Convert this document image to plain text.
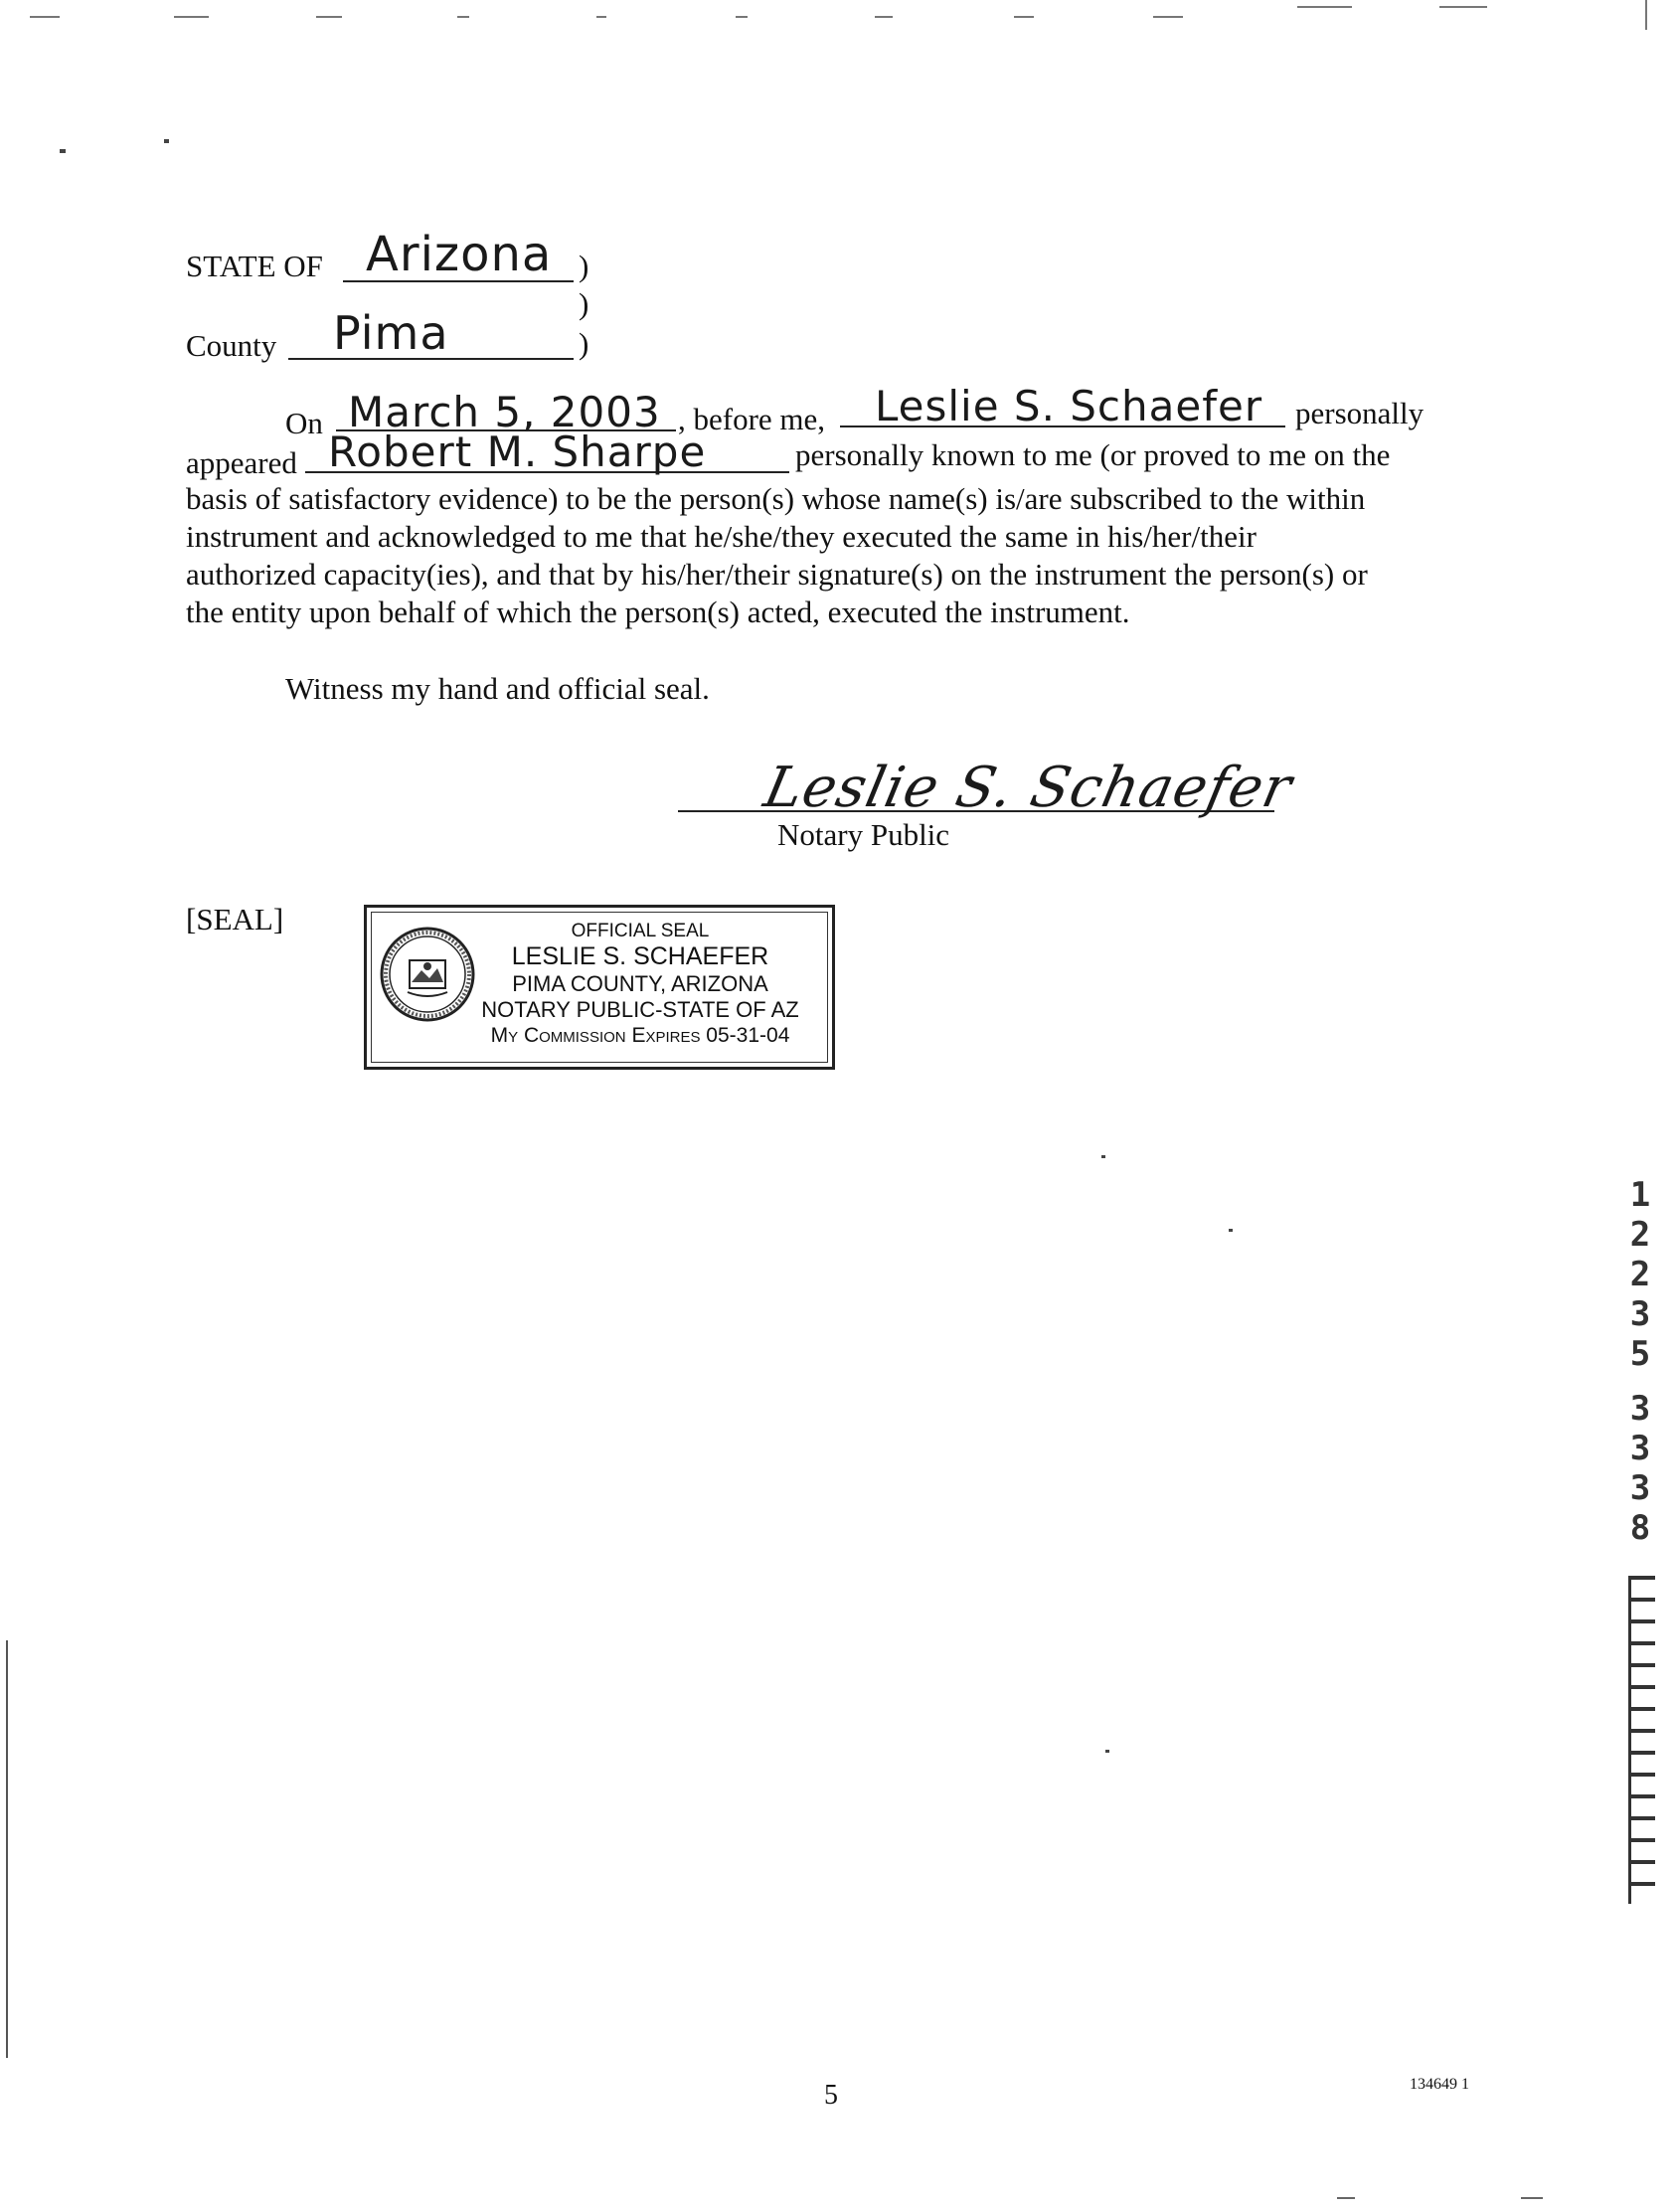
STATE OF Arizona )
)
County Pima	)
On March 5, 2003 , before me, Leslie S. Schaefer personally
appeared Robert M. Sharpe	personally known to me (or proved to me on the
basis of satisfactory evidence) to be the person(s) whose name(s) is/are subscribed to the within
instrument and acknowledged to me that he/she/they executed the same in his/her/their
authorized capacity(ies), and that by his/her/their signature(s) on the instrument the person(s) or
the entity upon behalf of which the person(s) acted, executed the instrument.
Witness my hand and official seal.
Leslie S. Schaefer
Notary Public
[SEAL]	OFFICIAL SEAL
LESLIE S. SCHAEFER
PIMA COUNTY, ARIZONA
NOTARY PUBLIC-STATE OF AZ
My Commission Expires 05-31-04
1
2
2
3
5
3
3
3
8
5	134649 1
